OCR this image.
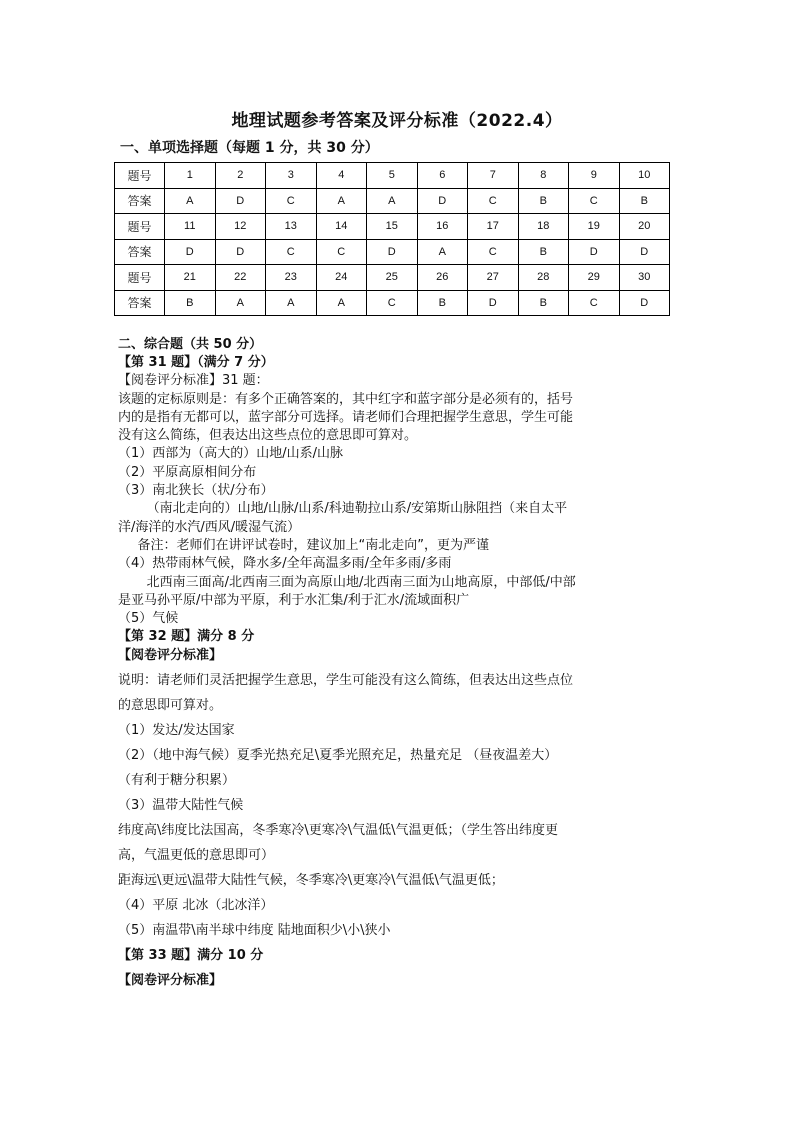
地理试题参考答案及评分标准（2022.4）
一、单项选择题（每题 1 分，共 30 分）
题号	1	2	3	4	5	6	7	8	9	10
答案	A	D	C	A	A	D	C	B	C	B
题号	11	12	13	14	15	16	17	18	19	20
答案	D	D	C	C	D	A	C	B	D	D
题号	21	22	23	24	25	26	27	28	29	30
答案	B	A	A	A	C	B	D	B	C	D
二、综合题（共 50 分）
【第 31 题】（满分 7 分）
【阅卷评分标准】31 题：
该题的定标原则是：有多个正确答案的，其中红字和蓝字部分是必须有的，括号
内的是指有无都可以，蓝字部分可选择。请老师们合理把握学生意思，学生可能
没有这么简练，但表达出这些点位的意思即可算对。
（1）西部为（高大的）山地/山系/山脉
（2）平原高原相间分布
（3）南北狭长（状/分布）
（南北走向的）山地/山脉/山系/科迪勒拉山系/安第斯山脉阻挡（来自太平
洋/海洋的水汽/西风/暖湿气流）
备注：老师们在讲评试卷时，建议加上“南北走向”，更为严谨
（4）热带雨林气候，降水多/全年高温多雨/全年多雨/多雨
北西南三面高/北西南三面为高原山地/北西南三面为山地高原，中部低/中部
是亚马孙平原/中部为平原，利于水汇集/利于汇水/流域面积广
（5）气候
【第 32 题】满分 8 分
【阅卷评分标准】
说明：请老师们灵活把握学生意思，学生可能没有这么简练，但表达出这些点位
的意思即可算对。
（1）发达/发达国家
（2）（地中海气候）夏季光热充足\夏季光照充足，热量充足 （昼夜温差大）
（有利于糖分积累）
（3）温带大陆性气候
纬度高\纬度比法国高，冬季寒冷\更寒冷\气温低\气温更低；（学生答出纬度更
高，气温更低的意思即可）
距海远\更远\温带大陆性气候，冬季寒冷\更寒冷\气温低\气温更低；
（4）平原 北冰（北冰洋）
（5）南温带\南半球中纬度 陆地面积少\小\狭小
【第 33 题】满分 10 分
【阅卷评分标准】
